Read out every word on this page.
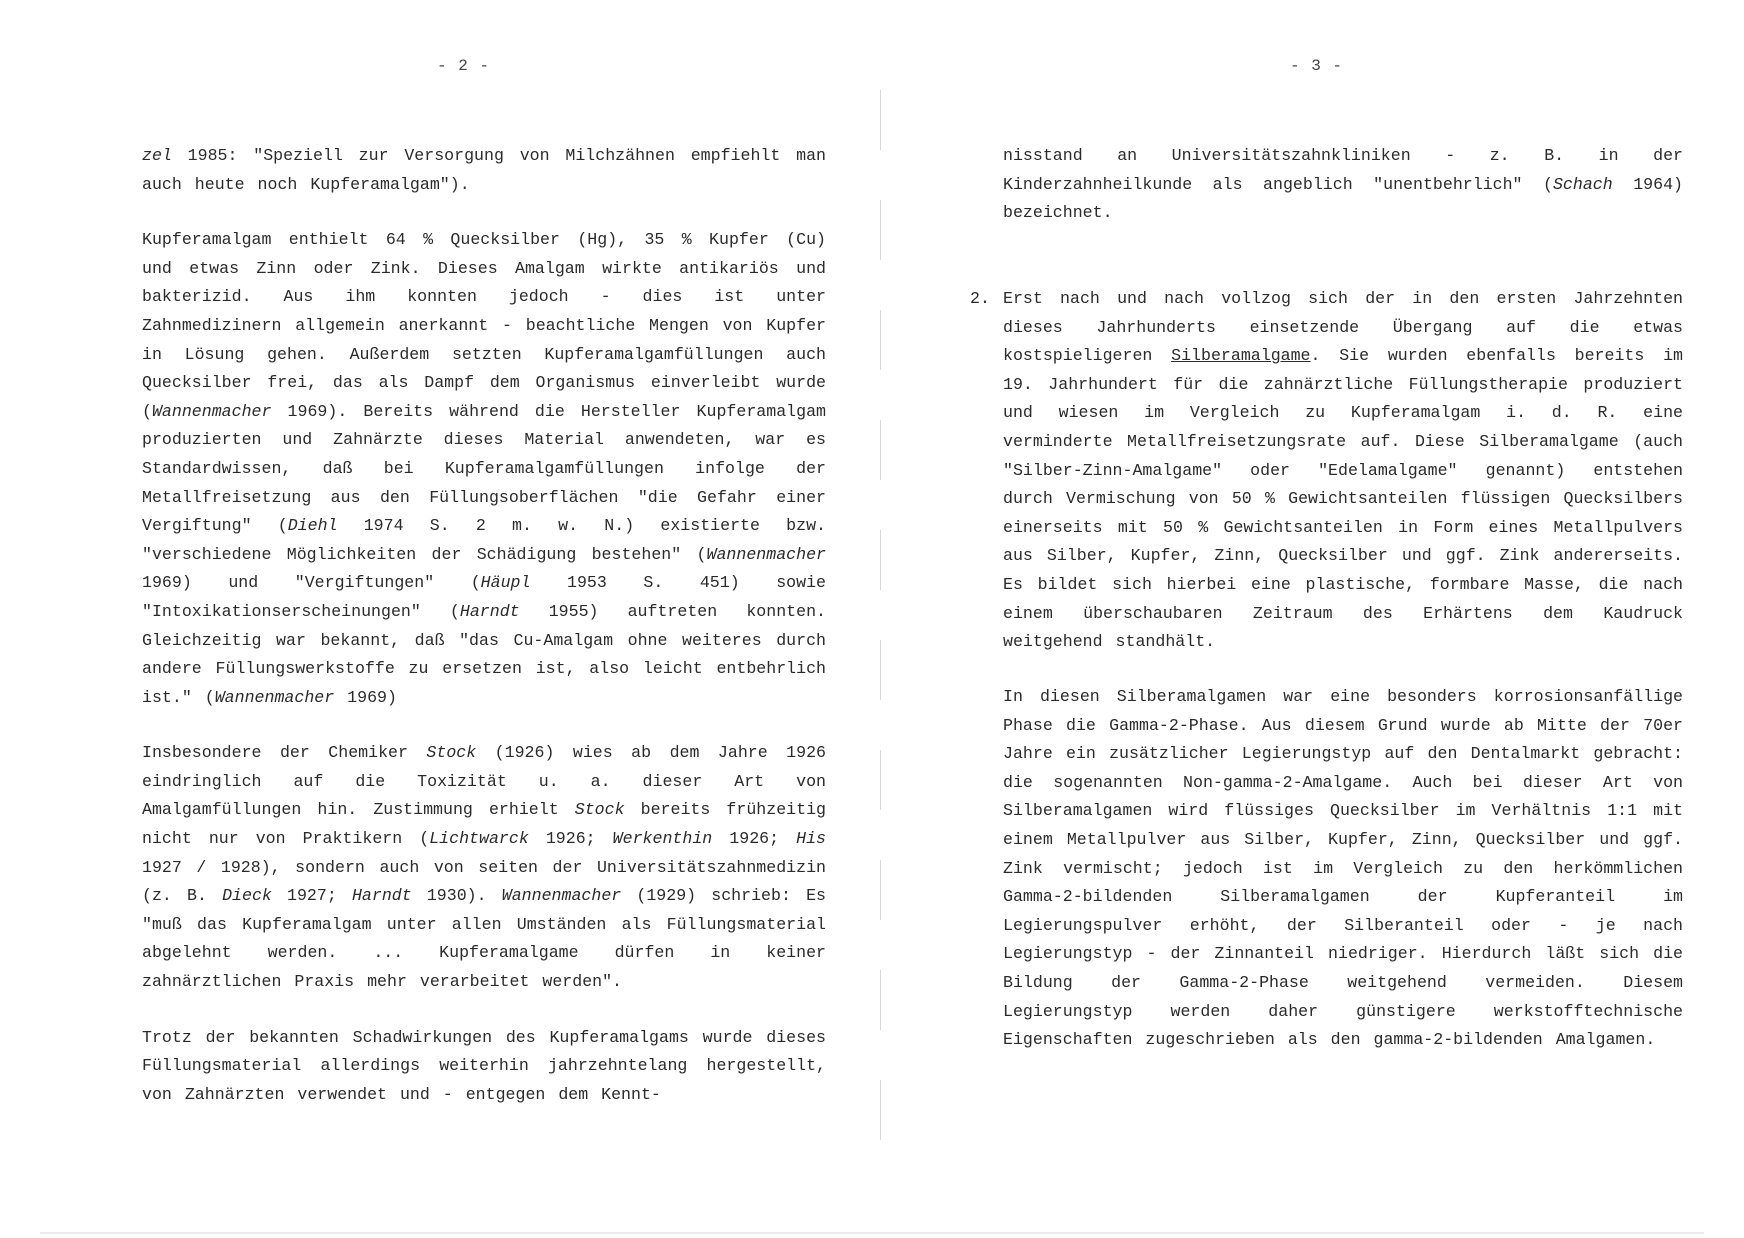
- 2 -

zel 1985: "Speziell zur Versorgung von Milchzähnen empfiehlt man auch heute noch Kupferamalgam").

Kupferamalgam enthielt 64 % Quecksilber (Hg), 35 % Kupfer (Cu) und etwas Zinn oder Zink. Dieses Amalgam wirkte antikariös und bakterizid. Aus ihm konnten jedoch - dies ist unter Zahnmedizinern allgemein anerkannt - beachtliche Mengen von Kupfer in Lösung gehen. Außerdem setzten Kupferamalgamfüllungen auch Quecksilber frei, das als Dampf dem Organismus einverleibt wurde (Wannenmacher 1969). Bereits während die Hersteller Kupferamalgam produzierten und Zahnärzte dieses Material anwendeten, war es Standardwissen, daß bei Kupferamalgamfüllungen infolge der Metallfreisetzung aus den Füllungsoberflächen "die Gefahr einer Vergiftung" (Diehl 1974 S. 2 m. w. N.) existierte bzw. "verschiedene Möglichkeiten der Schädigung bestehen" (Wannenmacher 1969) und "Vergiftungen" (Häupl 1953 S. 451) sowie "Intoxikationserscheinungen" (Harndt 1955) auftreten konnten. Gleichzeitig war bekannt, daß "das Cu-Amalgam ohne weiteres durch andere Füllungswerkstoffe zu ersetzen ist, also leicht entbehrlich ist." (Wannenmacher 1969)

Insbesondere der Chemiker Stock (1926) wies ab dem Jahre 1926 eindringlich auf die Toxizität u. a. dieser Art von Amalgamfüllungen hin. Zustimmung erhielt Stock bereits frühzeitig nicht nur von Praktikern (Lichtwarck 1926; Werkenthin 1926; His 1927 / 1928), sondern auch von seiten der Universitätszahnmedizin (z. B. Dieck 1927; Harndt 1930). Wannenmacher (1929) schrieb: Es "muß das Kupferamalgam unter allen Umständen als Füllungsmaterial abgelehnt werden. ... Kupferamalgame dürfen in keiner zahnärztlichen Praxis mehr verarbeitet werden".

Trotz der bekannten Schadwirkungen des Kupferamalgams wurde dieses Füllungsmaterial allerdings weiterhin jahrzehntelang hergestellt, von Zahnärzten verwendet und - entgegen dem Kennt-

- 3 -
nisstand an Universitätszahnkliniken - z. B. in der Kinderzahnheilkunde als angeblich "unentbehrlich" (Schach 1964) bezeichnet.
2. Erst nach und nach vollzog sich der in den ersten Jahrzehnten dieses Jahrhunderts einsetzende Übergang auf die etwas kostspieligeren Silberamalgame. Sie wurden ebenfalls bereits im 19. Jahrhundert für die zahnärztliche Füllungstherapie produziert und wiesen im Vergleich zu Kupferamalgam i. d. R. eine verminderte Metallfreisetzungsrate auf. Diese Silberamalgame (auch "Silber-Zinn-Amalgame" oder "Edelamalgame" genannt) entstehen durch Vermischung von 50 % Gewichtsanteilen flüssigen Quecksilbers einerseits mit 50 % Gewichtsanteilen in Form eines Metallpulvers aus Silber, Kupfer, Zinn, Quecksilber und ggf. Zink andererseits. Es bildet sich hierbei eine plastische, formbare Masse, die nach einem überschaubaren Zeitraum des Erhärtens dem Kaudruck weitgehend standhält.
In diesen Silberamalgamen war eine besonders korrosionsanfällige Phase die Gamma-2-Phase. Aus diesem Grund wurde ab Mitte der 70er Jahre ein zusätzlicher Legierungstyp auf den Dentalmarkt gebracht: die sogenannten Non-gamma-2-Amalgame. Auch bei dieser Art von Silberamalgamen wird flüssiges Quecksilber im Verhältnis 1:1 mit einem Metallpulver aus Silber, Kupfer, Zinn, Quecksilber und ggf. Zink vermischt; jedoch ist im Vergleich zu den herkömmlichen Gamma-2-bildenden Silberamalgamen der Kupferanteil im Legierungspulver erhöht, der Silberanteil oder - je nach Legierungstyp - der Zinnanteil niedriger. Hierdurch läßt sich die Bildung der Gamma-2-Phase weitgehend vermeiden. Diesem Legierungstyp werden daher günstigere werkstofftechnische Eigenschaften zugeschrieben als den gamma-2-bildenden Amalgamen.
